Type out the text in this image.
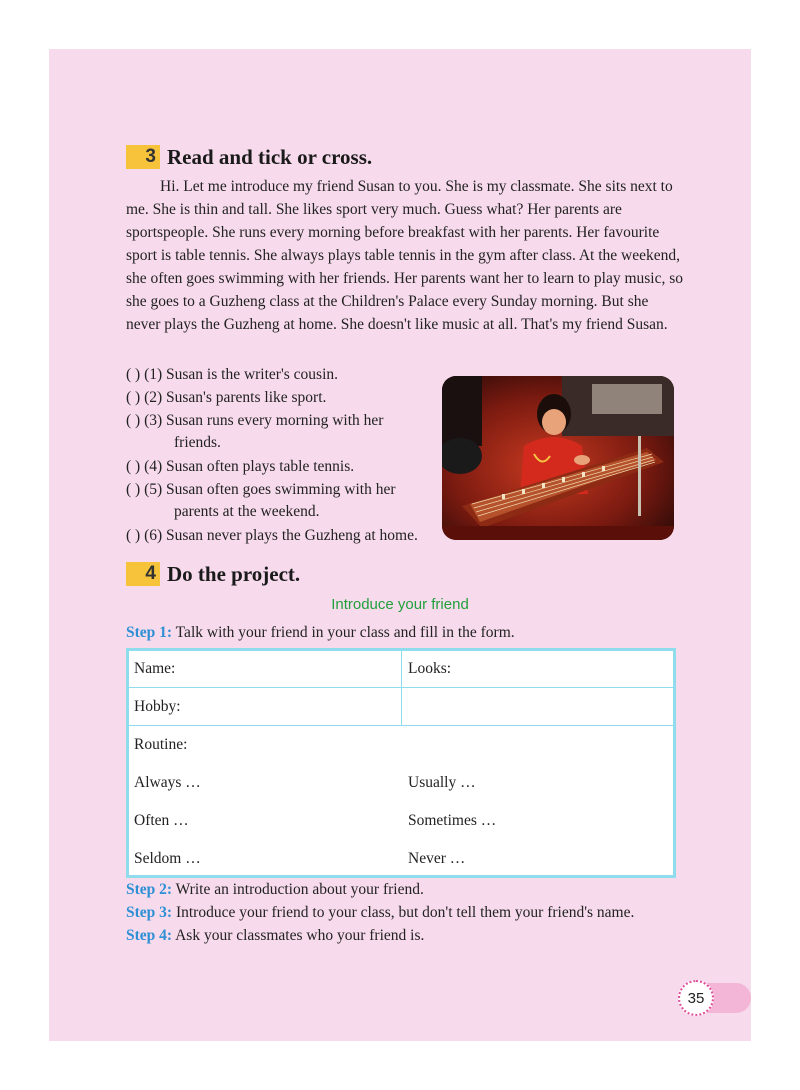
3 Read and tick or cross.

Hi. Let me introduce my friend Susan to you. She is my classmate. She sits next to me. She is thin and tall. She likes sport very much. Guess what? Her parents are sportspeople. She runs every morning before breakfast with her parents. Her favourite sport is table tennis. She always plays table tennis in the gym after class. At the weekend, she often goes swimming with her friends. Her parents want her to learn to play music, so she goes to a Guzheng class at the Children's Palace every Sunday morning. But she never plays the Guzheng at home. She doesn't like music at all. That's my friend Susan.

( ) (1) Susan is the writer's cousin.
( ) (2) Susan's parents like sport.
( ) (3) Susan runs every morning with her
friends.
( ) (4) Susan often plays table tennis.
( ) (5) Susan often goes swimming with her
parents at the weekend.
( ) (6) Susan never plays the Guzheng at home.
4 Do the project.
Introduce your friend
Step 1: Talk with your friend in your class and fill in the form.
Name:	Looks:
Hobby:
Routine:
Always …	Usually …
Often …	Sometimes …
Seldom …	Never …
Step 2: Write an introduction about your friend.
Step 3: Introduce your friend to your class, but don't tell them your friend's name.
Step 4: Ask your classmates who your friend is.
35
